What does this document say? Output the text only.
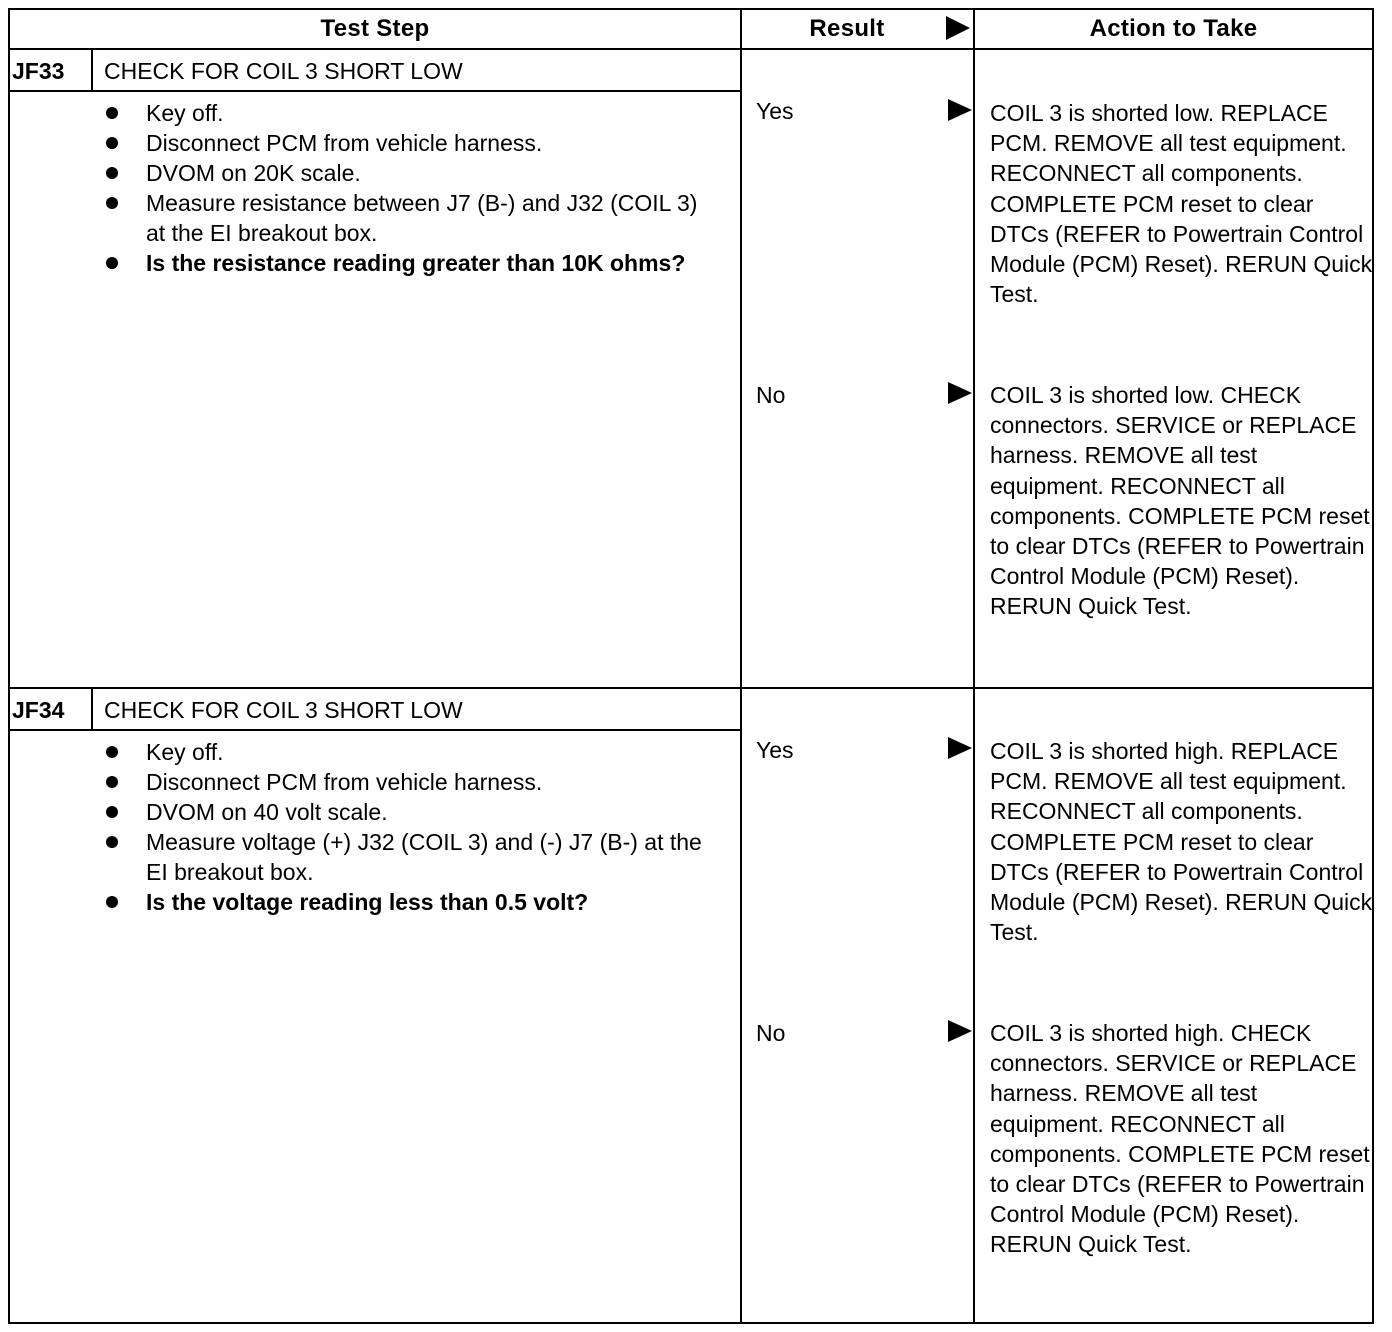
Test Step	Result	Action to Take
JF33	CHECK FOR COIL 3 SHORT LOW
Key off.
Disconnect PCM from vehicle harness.
DVOM on 20K scale.
Measure resistance between J7 (B-) and J32 (COIL 3) at the EI breakout box.
Is the resistance reading greater than 10K ohms?
Yes	COIL 3 is shorted low. REPLACE PCM. REMOVE all test equipment. RECONNECT all components. COMPLETE PCM reset to clear DTCs (REFER to Powertrain Control Module (PCM) Reset). RERUN Quick Test.
No	COIL 3 is shorted low. CHECK connectors. SERVICE or REPLACE harness. REMOVE all test equipment. RECONNECT all components. COMPLETE PCM reset to clear DTCs (REFER to Powertrain Control Module (PCM) Reset). RERUN Quick Test.
JF34	CHECK FOR COIL 3 SHORT LOW
Key off.
Disconnect PCM from vehicle harness.
DVOM on 40 volt scale.
Measure voltage (+) J32 (COIL 3) and (-) J7 (B-) at the EI breakout box.
Is the voltage reading less than 0.5 volt?
Yes	COIL 3 is shorted high. REPLACE PCM. REMOVE all test equipment. RECONNECT all components. COMPLETE PCM reset to clear DTCs (REFER to Powertrain Control Module (PCM) Reset). RERUN Quick Test.
No	COIL 3 is shorted high. CHECK connectors. SERVICE or REPLACE harness. REMOVE all test equipment. RECONNECT all components. COMPLETE PCM reset to clear DTCs (REFER to Powertrain Control Module (PCM) Reset). RERUN Quick Test.
